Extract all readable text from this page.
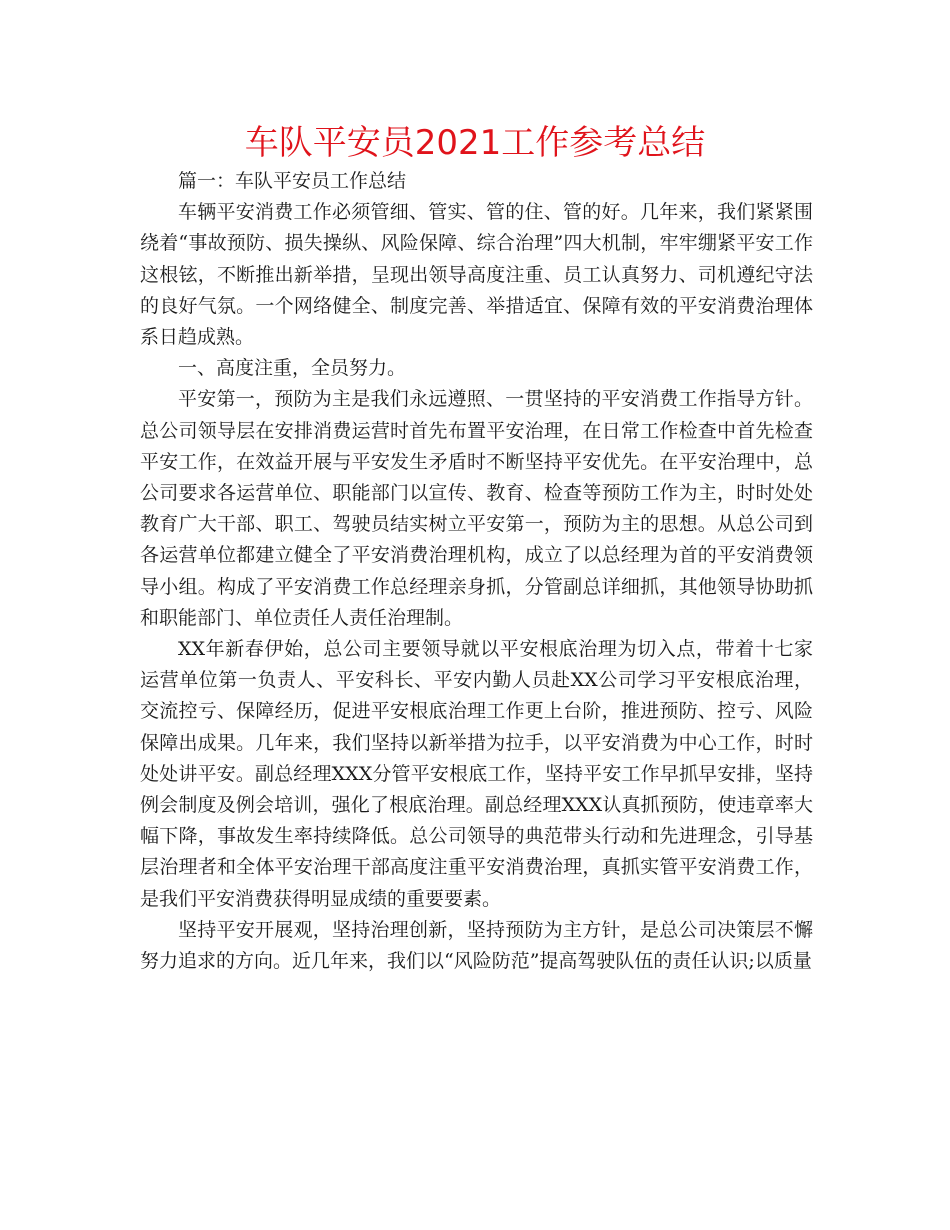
车队平安员2021工作参考总结

篇一：车队平安员工作总结

车辆平安消费工作必须管细、管实、管的住、管的好。几年来，我们紧紧围绕着“事故预防、损失操纵、风险保障、综合治理”四大机制，牢牢绷紧平安工作这根铉，不断推出新举措，呈现出领导高度注重、员工认真努力、司机遵纪守法的良好气氛。一个网络健全、制度完善、举措适宜、保障有效的平安消费治理体系日趋成熟。

一、高度注重，全员努力。

平安第一，预防为主是我们永远遵照、一贯坚持的平安消费工作指导方针。总公司领导层在安排消费运营时首先布置平安治理，在日常工作检查中首先检查平安工作，在效益开展与平安发生矛盾时不断坚持平安优先。在平安治理中，总公司要求各运营单位、职能部门以宣传、教育、检查等预防工作为主，时时处处教育广大干部、职工、驾驶员结实树立平安第一，预防为主的思想。从总公司到各运营单位都建立健全了平安消费治理机构，成立了以总经理为首的平安消费领导小组。构成了平安消费工作总经理亲身抓，分管副总详细抓，其他领导协助抓和职能部门、单位责任人责任治理制。

XX年新春伊始，总公司主要领导就以平安根底治理为切入点，带着十七家运营单位第一负责人、平安科长、平安内勤人员赴XX公司学习平安根底治理，交流控亏、保障经历，促进平安根底治理工作更上台阶，推进预防、控亏、风险保障出成果。几年来，我们坚持以新举措为拉手，以平安消费为中心工作，时时处处讲平安。副总经理XXX分管平安根底工作，坚持平安工作早抓早安排，坚持例会制度及例会培训，强化了根底治理。副总经理XXX认真抓预防，使违章率大幅下降，事故发生率持续降低。总公司领导的典范带头行动和先进理念，引导基层治理者和全体平安治理干部高度注重平安消费治理，真抓实管平安消费工作，是我们平安消费获得明显成绩的重要要素。

坚持平安开展观，坚持治理创新，坚持预防为主方针，是总公司决策层不懈努力追求的方向。近几年来，我们以“风险防范”提高驾驶队伍的责任认识;以质量
